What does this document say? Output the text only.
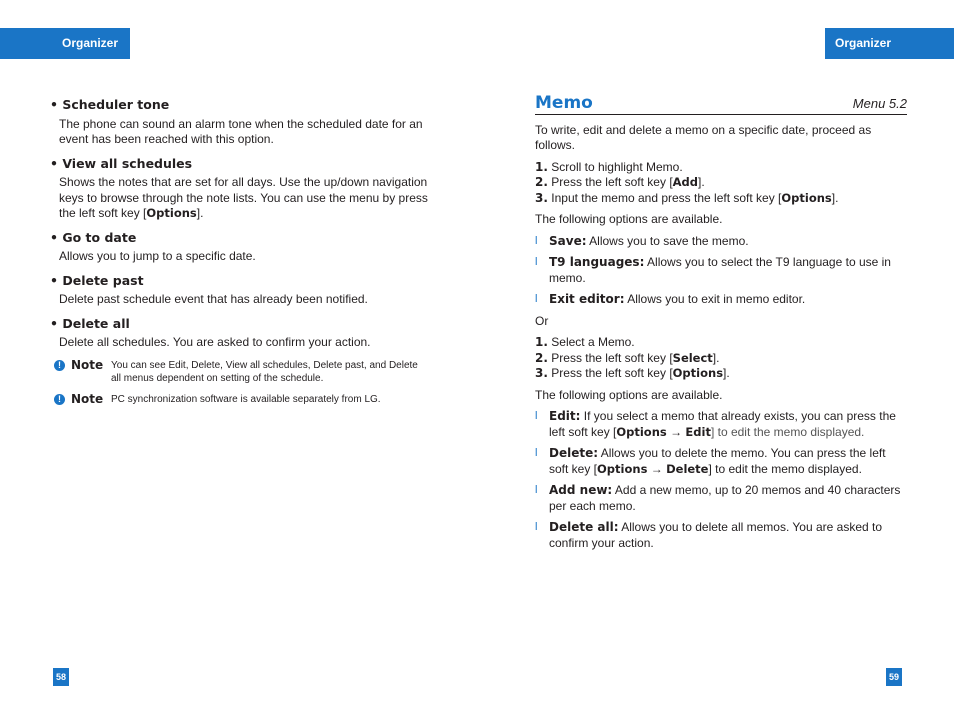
Organizer	Organizer
• Scheduler tone
The phone can sound an alarm tone when the scheduled date for an event has been reached with this option.
• View all schedules
Shows the notes that are set for all days. Use the up/down navigation keys to browse through the note lists. You can use the menu by press the left soft key [Options].
• Go to date
Allows you to jump to a specific date.
• Delete past
Delete past schedule event that has already been notified.
• Delete all
Delete all schedules. You are asked to confirm your action.
! Note You can see Edit, Delete, View all schedules, Delete past, and Delete all menus dependent on setting of the schedule.
! Note PC synchronization software is available separately from LG.
Memo	Menu 5.2
To write, edit and delete a memo on a specific date, proceed as follows.
1. Scroll to highlight Memo.
2. Press the left soft key [Add].
3. Input the memo and press the left soft key [Options].
The following options are available.
l Save: Allows you to save the memo.
l T9 languages: Allows you to select the T9 language to use in memo.
l Exit editor: Allows you to exit in memo editor.
Or
1. Select a Memo.
2. Press the left soft key [Select].
3. Press the left soft key [Options].
The following options are available.
l Edit: If you select a memo that already exists, you can press the left soft key [Options → Edit] to edit the memo displayed.
l Delete: Allows you to delete the memo. You can press the left soft key [Options → Delete] to edit the memo displayed.
l Add new: Add a new memo, up to 20 memos and 40 characters per each memo.
l Delete all: Allows you to delete all memos. You are asked to confirm your action.
58	59
